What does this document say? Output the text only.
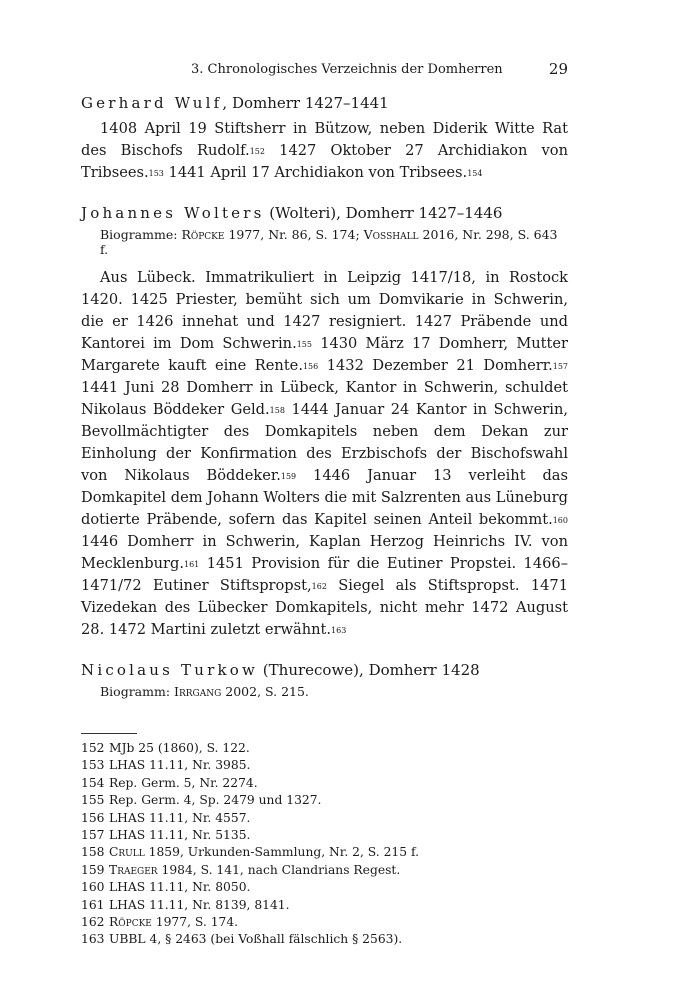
3. Chronologisches Verzeichnis der Domherren	29
Gerhard Wulf, Domherr 1427–1441
1408 April 19 Stiftsherr in Bützow, neben Diderik Witte Rat des Bischofs Rudolf.$^{152}$ 1427 Oktober 27 Archidiakon von Tribsees.$^{153}$ 1441 April 17 Archidiakon von Tribsees.$^{154}$
Johannes Wolters (Wolteri), Domherr 1427–1446
Biogramme: Röpcke 1977, Nr. 86, S. 174; Vosshall 2016, Nr. 298, S. 643 f.
Aus Lübeck. Immatrikuliert in Leipzig 1417/18, in Rostock 1420. 1425 Priester, bemüht sich um Domvikarie in Schwerin, die er 1426 innehat und 1427 resigniert. 1427 Präbende und Kantorei im Dom Schwerin.$^{155}$ 1430 März 17 Domherr, Mutter Margarete kauft eine Rente.$^{156}$ 1432 Dezember 21 Domherr.$^{157}$ 1441 Juni 28 Domherr in Lübeck, Kantor in Schwerin, schuldet Nikolaus Böddeker Geld.$^{158}$ 1444 Januar 24 Kantor in Schwerin, Bevollmächtigter des Domkapitels neben dem Dekan zur Einholung der Konfirmation des Erzbischofs der Bischofswahl von Nikolaus Böddeker.$^{159}$ 1446 Januar 13 verleiht das Domkapitel dem Johann Wolters die mit Salzrenten aus Lüneburg dotierte Präbende, sofern das Kapitel seinen Anteil bekommt.$^{160}$ 1446 Domherr in Schwerin, Kaplan Herzog Heinrichs IV. von Mecklenburg.$^{161}$ 1451 Provision für die Eutiner Propstei. 1466–1471/72 Eutiner Stiftspropst,$^{162}$ Siegel als Stiftspropst. 1471 Vizedekan des Lübecker Domkapitels, nicht mehr 1472 August 28. 1472 Martini zuletzt erwähnt.$^{163}$
Nicolaus Turkow (Thurecowe), Domherr 1428
Biogramm: Irrgang 2002, S. 215.
152 MJb 25 (1860), S. 122.
153 LHAS 11.11, Nr. 3985.
154 Rep. Germ. 5, Nr. 2274.
155 Rep. Germ. 4, Sp. 2479 und 1327.
156 LHAS 11.11, Nr. 4557.
157 LHAS 11.11, Nr. 5135.
158 Crull 1859, Urkunden-Sammlung, Nr. 2, S. 215 f.
159 Traeger 1984, S. 141, nach Clandrians Regest.
160 LHAS 11.11, Nr. 8050.
161 LHAS 11.11, Nr. 8139, 8141.
162 Röpcke 1977, S. 174.
163 UBBL 4, § 2463 (bei Voßhall fälschlich § 2563).
